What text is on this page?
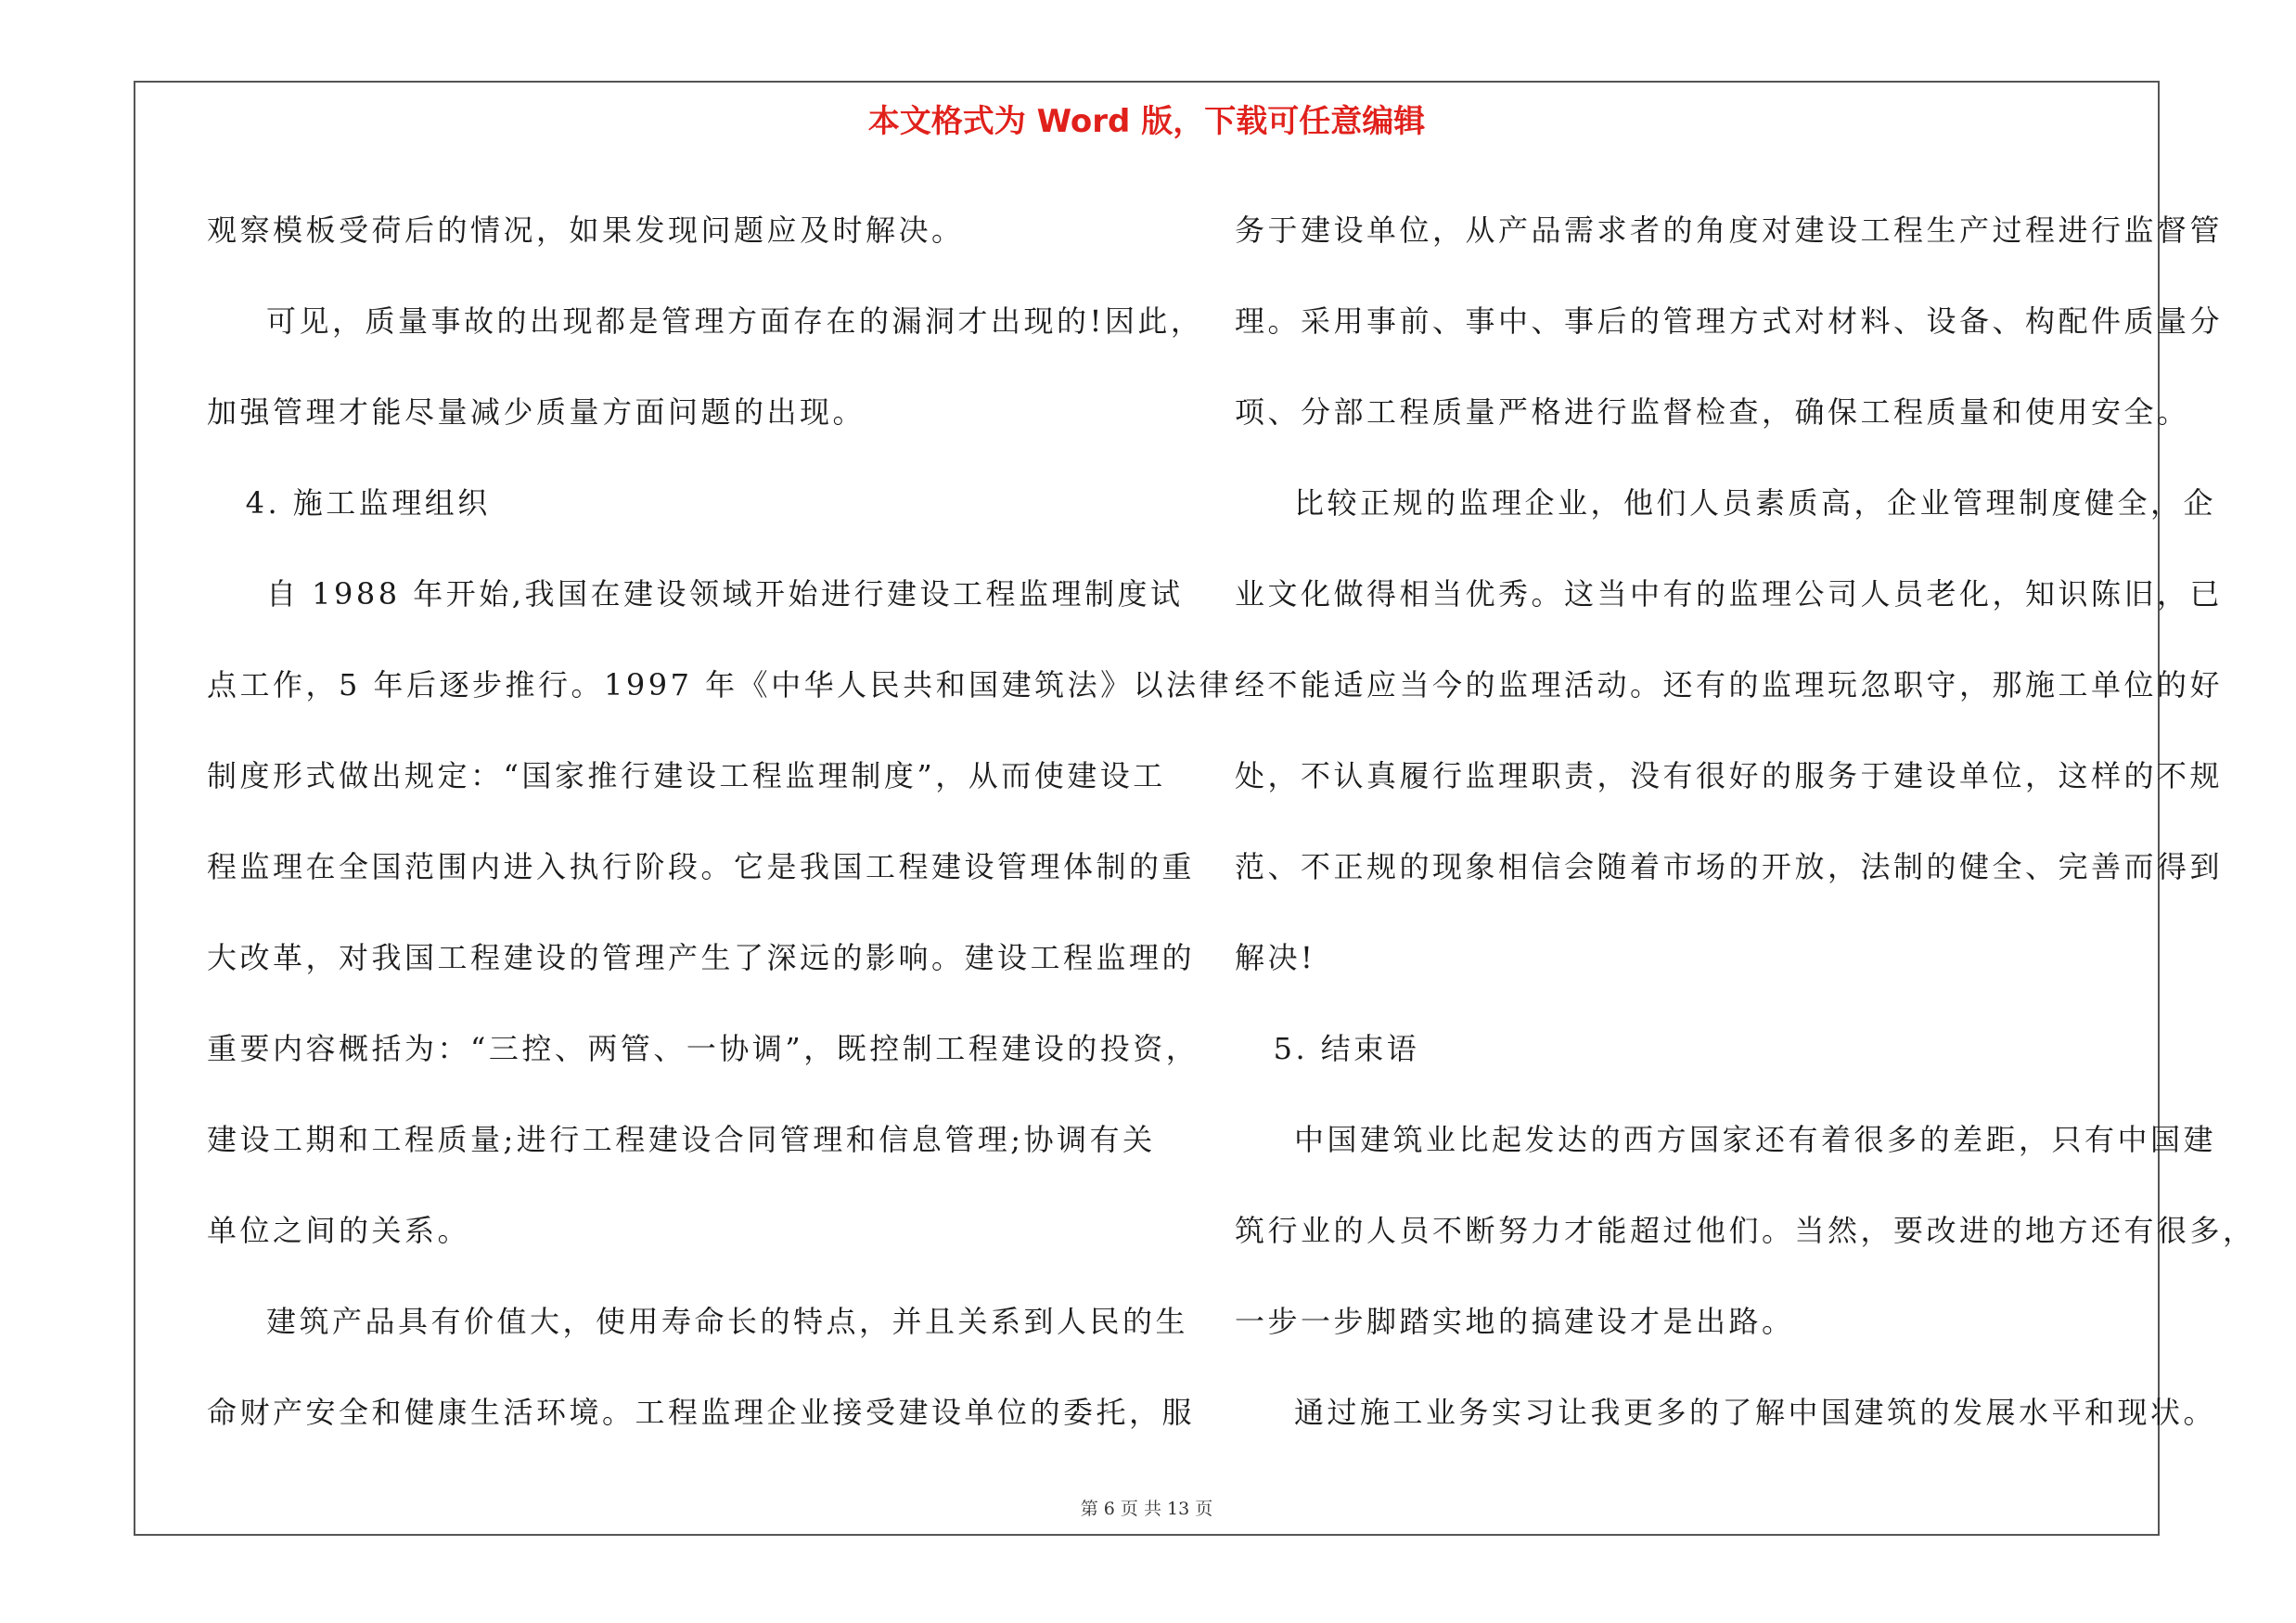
本文格式为 Word 版，下载可任意编辑
观察模板受荷后的情况，如果发现问题应及时解决。
可见，质量事故的出现都是管理方面存在的漏洞才出现的!因此，
加强管理才能尽量减少质量方面问题的出现。
4. 施工监理组织
自 1988 年开始,我国在建设领域开始进行建设工程监理制度试
点工作，5 年后逐步推行。1997 年《中华人民共和国建筑法》以法律
制度形式做出规定：“国家推行建设工程监理制度”，从而使建设工
程监理在全国范围内进入执行阶段。它是我国工程建设管理体制的重
大改革，对我国工程建设的管理产生了深远的影响。建设工程监理的
重要内容概括为：“三控、两管、一协调”，既控制工程建设的投资，
建设工期和工程质量;进行工程建设合同管理和信息管理;协调有关
单位之间的关系。
建筑产品具有价值大，使用寿命长的特点，并且关系到人民的生
命财产安全和健康生活环境。工程监理企业接受建设单位的委托，服
务于建设单位，从产品需求者的角度对建设工程生产过程进行监督管
理。采用事前、事中、事后的管理方式对材料、设备、构配件质量分
项、分部工程质量严格进行监督检查，确保工程质量和使用安全。
比较正规的监理企业，他们人员素质高，企业管理制度健全，企
业文化做得相当优秀。这当中有的监理公司人员老化，知识陈旧，已
经不能适应当今的监理活动。还有的监理玩忽职守，那施工单位的好
处，不认真履行监理职责，没有很好的服务于建设单位，这样的不规
范、不正规的现象相信会随着市场的开放，法制的健全、完善而得到
解决!
5. 结束语
中国建筑业比起发达的西方国家还有着很多的差距，只有中国建
筑行业的人员不断努力才能超过他们。当然，要改进的地方还有很多，
一步一步脚踏实地的搞建设才是出路。
通过施工业务实习让我更多的了解中国建筑的发展水平和现状。
第 6 页 共 13 页
